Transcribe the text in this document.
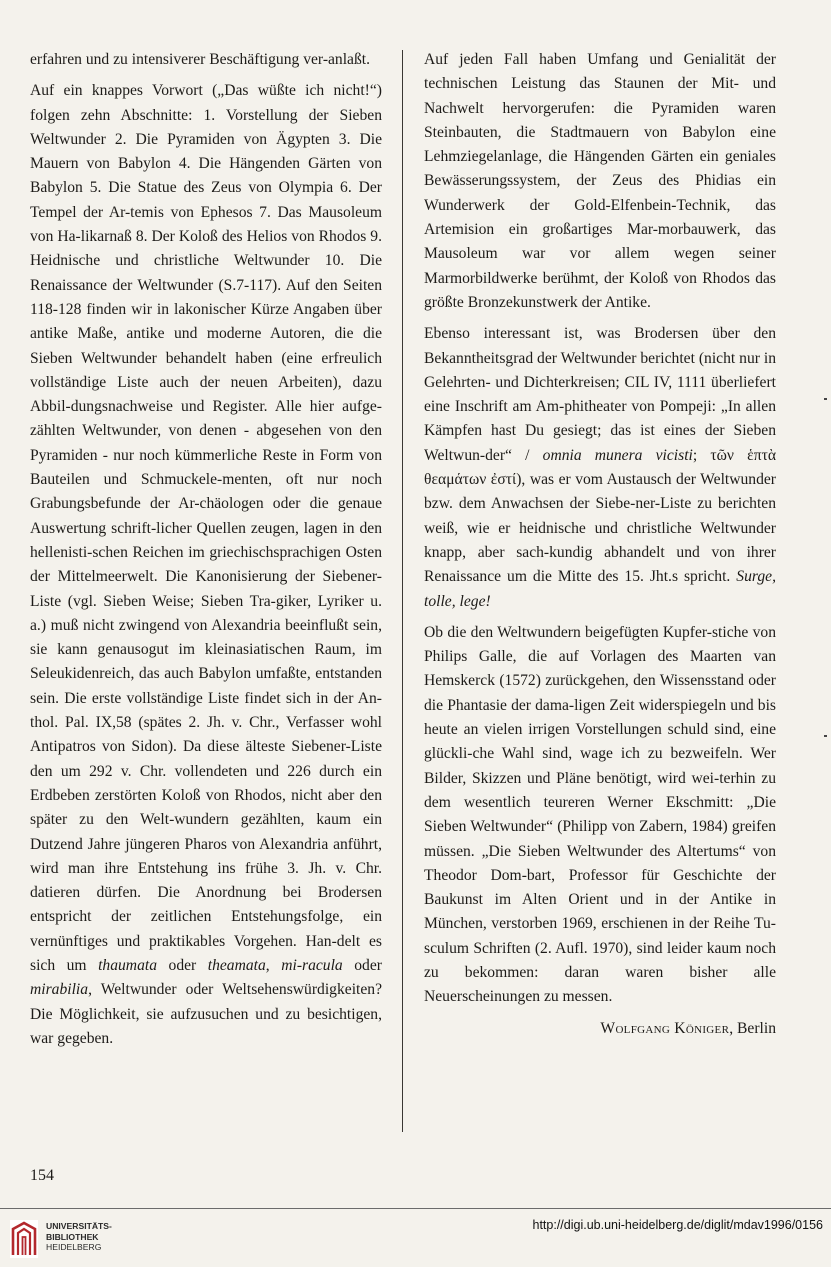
erfahren und zu intensiverer Beschäftigung ver-anlaßt.

Auf ein knappes Vorwort („Das wüßte ich nicht!“) folgen zehn Abschnitte: 1. Vorstellung der Sieben Weltwunder 2. Die Pyramiden von Ägypten 3. Die Mauern von Babylon 4. Die Hängenden Gärten von Babylon 5. Die Statue des Zeus von Olympia 6. Der Tempel der Ar-temis von Ephesos 7. Das Mausoleum von Ha-likarnaß 8. Der Koloß des Helios von Rhodos 9. Heidnische und christliche Weltwunder 10. Die Renaissance der Weltwunder (S.7-117). Auf den Seiten 118-128 finden wir in lakonischer Kürze Angaben über antike Maße, antike und moderne Autoren, die die Sieben Weltwunder behandelt haben (eine erfreulich vollständige Liste auch der neuen Arbeiten), dazu Abbil-dungsnachweise und Register. Alle hier aufge-zählten Weltwunder, von denen - abgesehen von den Pyramiden - nur noch kümmerliche Reste in Form von Bauteilen und Schmuckele-menten, oft nur noch Grabungsbefunde der Ar-chäologen oder die genaue Auswertung schrift-licher Quellen zeugen, lagen in den hellenisti-schen Reichen im griechischsprachigen Osten der Mittelmeerwelt. Die Kanonisierung der Siebener-Liste (vgl. Sieben Weise; Sieben Tra-giker, Lyriker u. a.) muß nicht zwingend von Alexandria beeinflußt sein, sie kann genausogut im kleinasiatischen Raum, im Seleukidenreich, das auch Babylon umfaßte, entstanden sein. Die erste vollständige Liste findet sich in der An-thol. Pal. IX,58 (spätes 2. Jh. v. Chr., Verfasser wohl Antipatros von Sidon). Da diese älteste Siebener-Liste den um 292 v. Chr. vollendeten und 226 durch ein Erdbeben zerstörten Koloß von Rhodos, nicht aber den später zu den Welt-wundern gezählten, kaum ein Dutzend Jahre jüngeren Pharos von Alexandria anführt, wird man ihre Entstehung ins frühe 3. Jh. v. Chr. datieren dürfen. Die Anordnung bei Brodersen entspricht der zeitlichen Entstehungsfolge, ein vernünftiges und praktikables Vorgehen. Han-delt es sich um thaumata oder theamata, mi-racula oder mirabilia, Weltwunder oder Weltsehenswürdigkeiten? Die Möglichkeit, sie aufzusuchen und zu besichtigen, war gegeben.

Auf jeden Fall haben Umfang und Genialität der technischen Leistung das Staunen der Mit- und Nachwelt hervorgerufen: die Pyramiden waren Steinbauten, die Stadtmauern von Babylon eine Lehmziegelanlage, die Hängenden Gärten ein geniales Bewässerungssystem, der Zeus des Phidias ein Wunderwerk der Gold-Elfenbein-Technik, das Artemision ein großartiges Mar-morbauwerk, das Mausoleum war vor allem wegen seiner Marmorbildwerke berühmt, der Koloß von Rhodos das größte Bronzekunstwerk der Antike.

Ebenso interessant ist, was Brodersen über den Bekanntheitsgrad der Weltwunder berichtet (nicht nur in Gelehrten- und Dichterkreisen; CIL IV, 1111 überliefert eine Inschrift am Am-phitheater von Pompeji: „In allen Kämpfen hast Du gesiegt; das ist eines der Sieben Weltwun-der“ / omnia munera vicisti; τῶν ἑπτὰ θεαμάτων ἐστί), was er vom Austausch der Weltwunder bzw. dem Anwachsen der Siebe-ner-Liste zu berichten weiß, wie er heidnische und christliche Weltwunder knapp, aber sach-kundig abhandelt und von ihrer Renaissance um die Mitte des 15. Jht.s spricht. Surge, tolle, lege!

Ob die den Weltwundern beigefügten Kupfer-stiche von Philips Galle, die auf Vorlagen des Maarten van Hemskerck (1572) zurückgehen, den Wissensstand oder die Phantasie der dama-ligen Zeit widerspiegeln und bis heute an vielen irrigen Vorstellungen schuld sind, eine glückli-che Wahl sind, wage ich zu bezweifeln. Wer Bilder, Skizzen und Pläne benötigt, wird wei-terhin zu dem wesentlich teureren Werner Ekschmitt: „Die Sieben Weltwunder“ (Philipp von Zabern, 1984) greifen müssen. „Die Sieben Weltwunder des Altertums“ von Theodor Dom-bart, Professor für Geschichte der Baukunst im Alten Orient und in der Antike in München, verstorben 1969, erschienen in der Reihe Tu-sculum Schriften (2. Aufl. 1970), sind leider kaum noch zu bekommen: daran waren bisher alle Neuerscheinungen zu messen.

Wolfgang Königer, Berlin
154
UNIVERSITÄTS-
BIBLIOTHEK
HEIDELBERG
http://digi.ub.uni-heidelberg.de/diglit/mdav1996/0156
